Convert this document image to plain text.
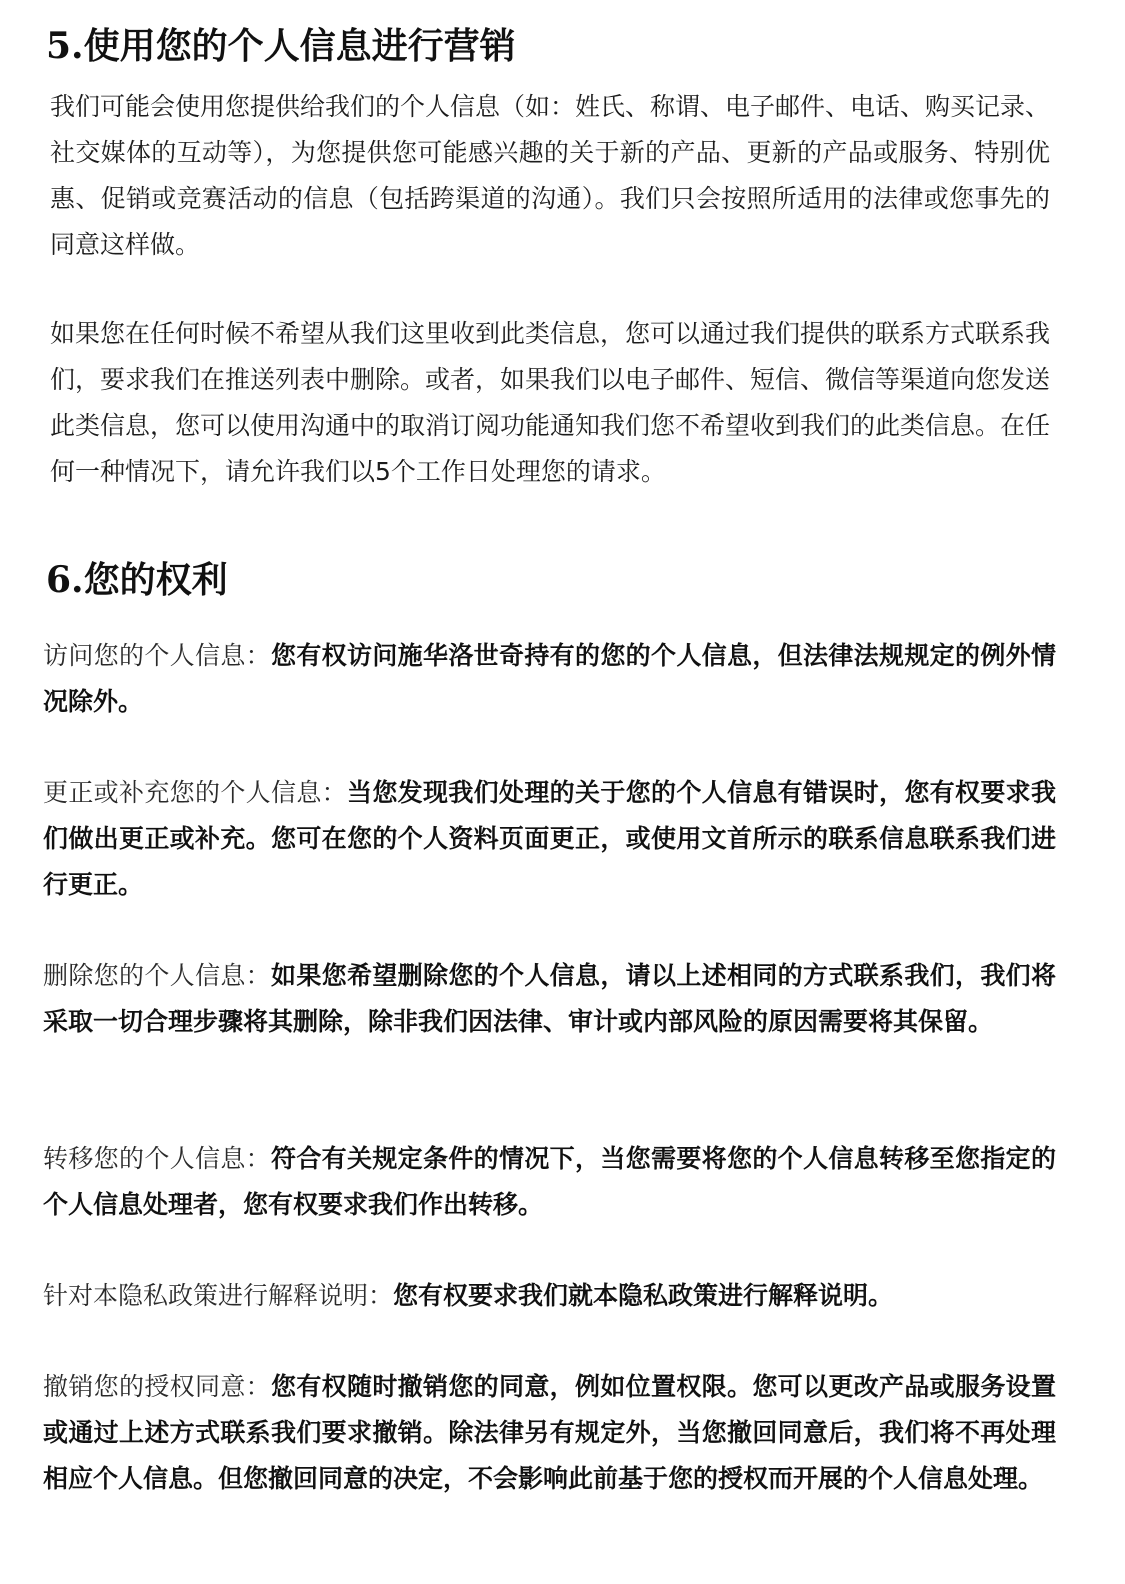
5.使用您的个人信息进行营销

我们可能会使用您提供给我们的个人信息（如：姓氏、称谓、电子邮件、电话、购买记录、社交媒体的互动等），为您提供您可能感兴趣的关于新的产品、更新的产品或服务、特别优惠、促销或竞赛活动的信息（包括跨渠道的沟通）。我们只会按照所适用的法律或您事先的同意这样做。

如果您在任何时候不希望从我们这里收到此类信息，您可以通过我们提供的联系方式联系我们，要求我们在推送列表中删除。或者，如果我们以电子邮件、短信、微信等渠道向您发送此类信息，您可以使用沟通中的取消订阅功能通知我们您不希望收到我们的此类信息。在任何一种情况下，请允许我们以5个工作日处理您的请求。

6.您的权利

访问您的个人信息：您有权访问施华洛世奇持有的您的个人信息，但法律法规规定的例外情况除外。

更正或补充您的个人信息：当您发现我们处理的关于您的个人信息有错误时，您有权要求我们做出更正或补充。您可在您的个人资料页面更正，或使用文首所示的联系信息联系我们进行更正。

删除您的个人信息：如果您希望删除您的个人信息，请以上述相同的方式联系我们，我们将采取一切合理步骤将其删除，除非我们因法律、审计或内部风险的原因需要将其保留。

转移您的个人信息：符合有关规定条件的情况下，当您需要将您的个人信息转移至您指定的个人信息处理者，您有权要求我们作出转移。

针对本隐私政策进行解释说明：您有权要求我们就本隐私政策进行解释说明。

撤销您的授权同意：您有权随时撤销您的同意，例如位置权限。您可以更改产品或服务设置或通过上述方式联系我们要求撤销。除法律另有规定外，当您撤回同意后，我们将不再处理相应个人信息。但您撤回同意的决定，不会影响此前基于您的授权而开展的个人信息处理。
